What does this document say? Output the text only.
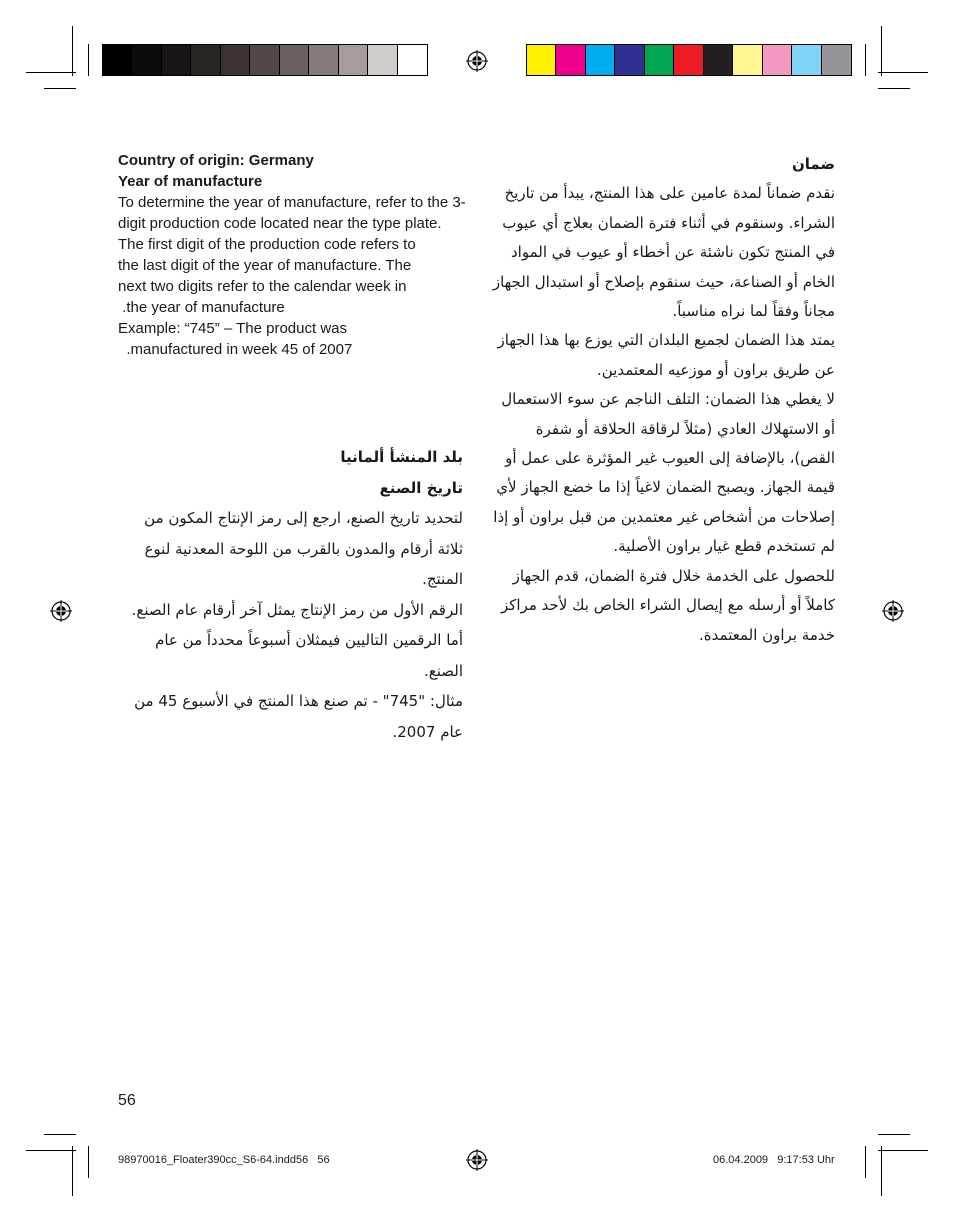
Country of origin: Germany

Year of manufacture

To determine the year of manufacture, refer to the 3-digit production code located near the type plate.

The first digit of the production code refers to

the last digit of the year of manufacture. The

next two digits refer to the calendar week in

.the year of manufacture

Example: “745” – The product was

.manufactured in week 45 of 2007

بلد المنشأ ألمانيا

تاريخ الصنع

لتحديد تاريخ الصنع، ارجع إلى رمز الإنتاج المكون من ثلاثة أرقام والمدون بالقرب من اللوحة المعدنية لنوع المنتج.

الرقم الأول من رمز الإنتاج يمثل آخر أرقام عام الصنع. أما الرقمين التاليين فيمثلان أسبوعاً محدداً من عام الصنع.

مثال: "745" - تم صنع هذا المنتج في الأسبوع 45 من عام 2007.

ضمان

نقدم ضماناً لمدة عامين على هذا المنتج، يبدأ من تاريخ الشراء. وسنقوم في أثناء فترة الضمان بعلاج أي عيوب في المنتج تكون ناشئة عن أخطاء أو عيوب في المواد الخام أو الصناعة، حيث سنقوم بإصلاح أو استبدال الجهاز مجاناً وفقاً لما نراه مناسباً.

يمتد هذا الضمان لجميع البلدان التي يوزع بها هذا الجهاز عن طريق براون أو موزعيه المعتمدين.

لا يغطي هذا الضمان: التلف الناجم عن سوء الاستعمال أو الاستهلاك العادي (مثلاً لرقاقة الحلاقة أو شفرة القص)، بالإضافة إلى العيوب غير المؤثرة على عمل أو قيمة الجهاز. ويصبح الضمان لاغياً إذا ما خضع الجهاز لأي إصلاحات من أشخاص غير معتمدين من قبل براون أو إذا لم تستخدم قطع غيار براون الأصلية.

للحصول على الخدمة خلال فترة الضمان، قدم الجهاز كاملاً أو أرسله مع إيصال الشراء الخاص بك لأحد مراكز خدمة براون المعتمدة.

56
98970016_Floater390cc_S6-64.indd56   56	06.04.2009   9:17:53 Uhr
